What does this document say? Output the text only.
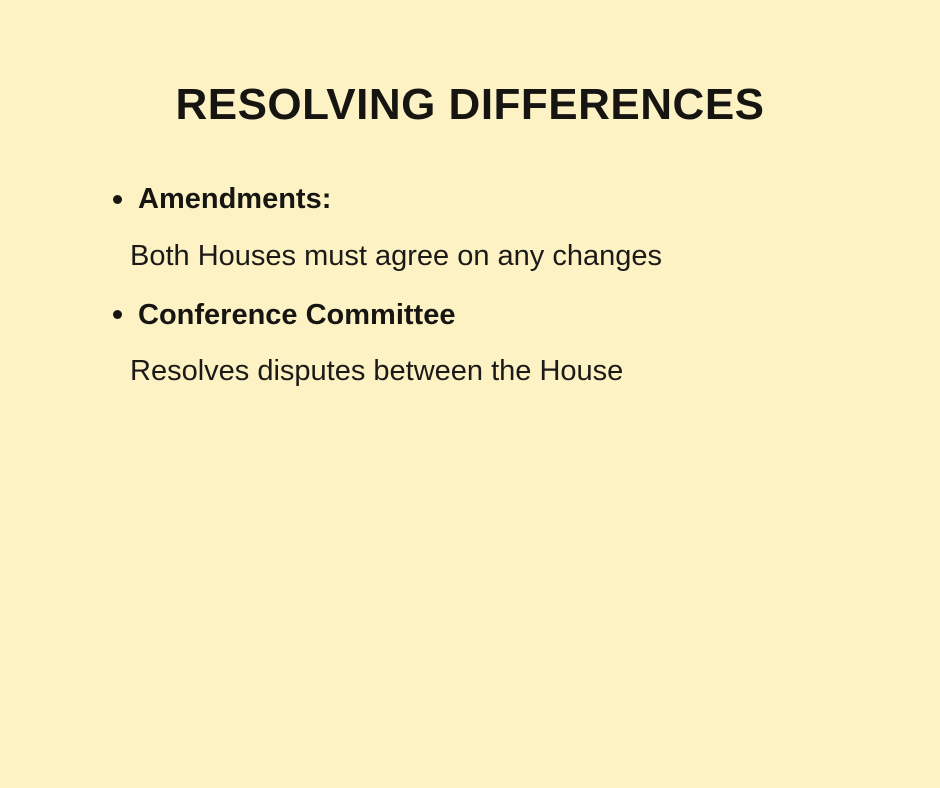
RESOLVING DIFFERENCES
Amendments:
Both Houses must agree on any changes
Conference Committee
Resolves disputes between the House
